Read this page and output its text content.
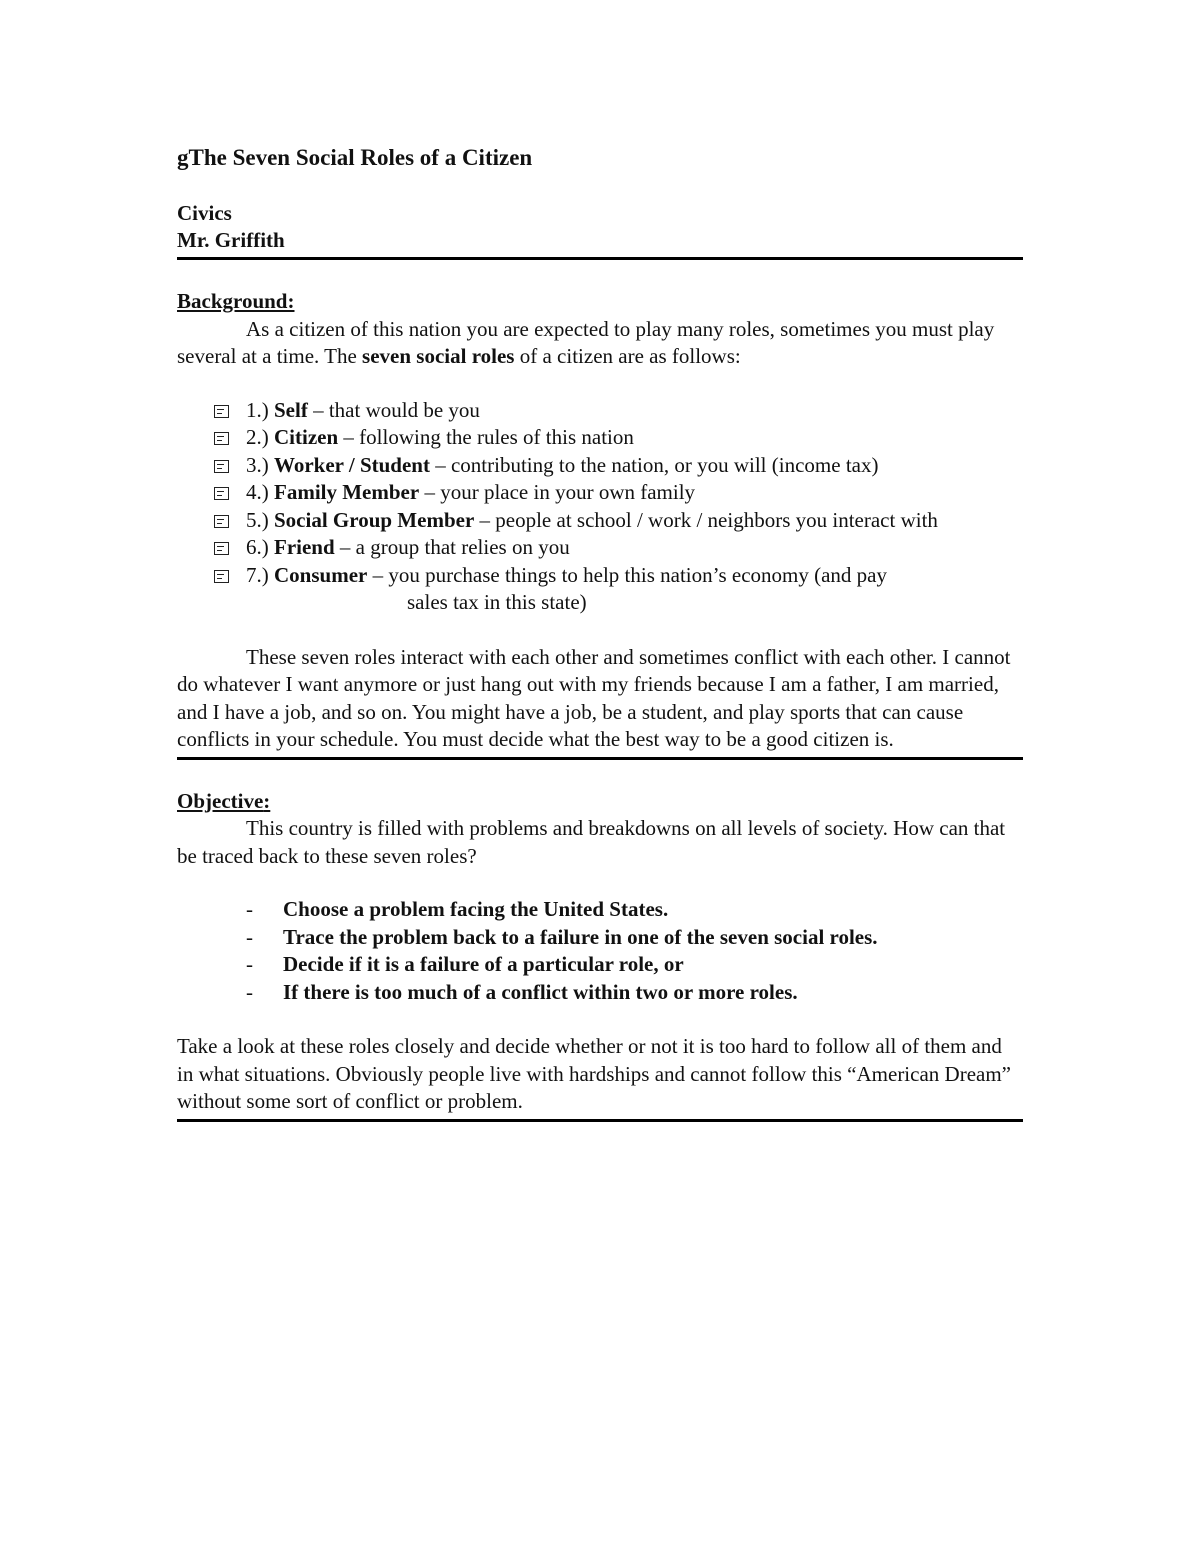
gThe Seven Social Roles of a Citizen
Civics
Mr. Griffith
Background:

As a citizen of this nation you are expected to play many roles, sometimes you must play several at a time. The seven social roles of a citizen are as follows:

1.) Self – that would be you
2.) Citizen – following the rules of this nation
3.) Worker / Student – contributing to the nation, or you will (income tax)
4.) Family Member – your place in your own family
5.) Social Group Member – people at school / work / neighbors you interact with
6.) Friend – a group that relies on you
7.) Consumer – you purchase things to help this nation’s economy (and pay
sales tax in this state)

These seven roles interact with each other and sometimes conflict with each other. I cannot do whatever I want anymore or just hang out with my friends because I am a father, I am married, and I have a job, and so on. You might have a job, be a student, and play sports that can cause conflicts in your schedule. You must decide what the best way to be a good citizen is.

Objective:

This country is filled with problems and breakdowns on all levels of society. How can that be traced back to these seven roles?

- Choose a problem facing the United States.
- Trace the problem back to a failure in one of the seven social roles.
- Decide if it is a failure of a particular role, or
- If there is too much of a conflict within two or more roles.

Take a look at these roles closely and decide whether or not it is too hard to follow all of them and in what situations. Obviously people live with hardships and cannot follow this “American Dream” without some sort of conflict or problem.
